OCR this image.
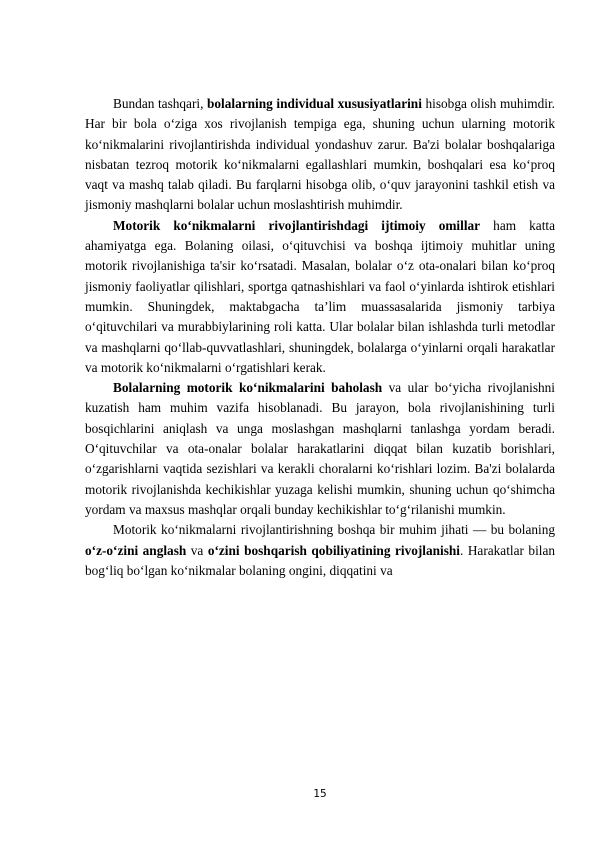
Bundan tashqari, bolalarning individual xususiyatlarini hisobga olish muhimdir. Har bir bola o‘ziga xos rivojlanish tempiga ega, shuning uchun ularning motorik ko‘nikmalarini rivojlantirishda individual yondashuv zarur. Ba'zi bolalar boshqalariga nisbatan tezroq motorik ko‘nikmalarni egallashlari mumkin, boshqalari esa ko‘proq vaqt va mashq talab qiladi. Bu farqlarni hisobga olib, o‘quv jarayonini tashkil etish va jismoniy mashqlarni bolalar uchun moslashtirish muhimdir.

Motorik ko‘nikmalarni rivojlantirishdagi ijtimoiy omillar ham katta ahamiyatga ega. Bolaning oilasi, o‘qituvchisi va boshqa ijtimoiy muhitlar uning motorik rivojlanishiga ta'sir ko‘rsatadi. Masalan, bolalar o‘z ota-onalari bilan ko‘proq jismoniy faoliyatlar qilishlari, sportga qatnashishlari va faol o‘yinlarda ishtirok etishlari mumkin. Shuningdek, maktabgacha ta’lim muassasalarida jismoniy tarbiya o‘qituvchilari va murabbiylarining roli katta. Ular bolalar bilan ishlashda turli metodlar va mashqlarni qo‘llab-quvvatlashlari, shuningdek, bolalarga o‘yinlarni orqali harakatlar va motorik ko‘nikmalarni o‘rgatishlari kerak.

Bolalarning motorik ko‘nikmalarini baholash va ular bo‘yicha rivojlanishni kuzatish ham muhim vazifa hisoblanadi. Bu jarayon, bola rivojlanishining turli bosqichlarini aniqlash va unga moslashgan mashqlarni tanlashga yordam beradi. O‘qituvchilar va ota-onalar bolalar harakatlarini diqqat bilan kuzatib borishlari, o‘zgarishlarni vaqtida sezishlari va kerakli choralarni ko‘rishlari lozim. Ba'zi bolalarda motorik rivojlanishda kechikishlar yuzaga kelishi mumkin, shuning uchun qo‘shimcha yordam va maxsus mashqlar orqali bunday kechikishlar to‘g‘rilanishi mumkin.

Motorik ko‘nikmalarni rivojlantirishning boshqa bir muhim jihati — bu bolaning o‘z-o‘zini anglash va o‘zini boshqarish qobiliyatining rivojlanishi. Harakatlar bilan bog‘liq bo‘lgan ko‘nikmalar bolaning ongini, diqqatini va

15
